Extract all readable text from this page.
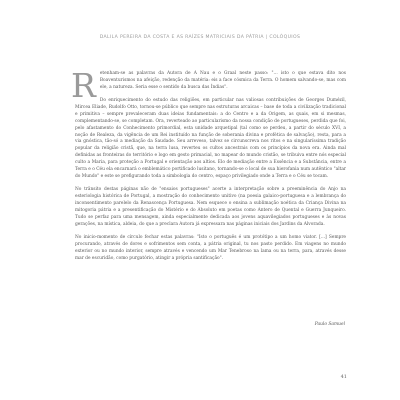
DALILA PEREIRA DA COSTA E AS RAÍZES MATRICIAIS DA PÁTRIA | COLÓQUIOS

Retenham-se as palavras da Autora de A Nau e o Graal neste passo: "... isto o que estava dito nos Boaventurismos na afeição, redenção da matéria: eis a face cósmica da Terra. O homem salvando-se, mas com ele, a natureza. Seria esse o sentido da busca das Índias".

Do enriquecimento do estudo das religiões, em particular nas valiosas contribuições de Georges Dumézil, Mircea Eliade, Rudolfo Otto, tornou-se público que sempre nas estruturas arcaicas – base de toda a civilização tradicional e primitiva – sempre prevaleceram duas ideias fundamentais: a do Centro e a da Origem, as quais, em si mesmas, complementando-se, se completam. Ora, reverteado ao particularismo da nossa condição de portugueses, perdida que foi, pelo afastamento do Conhecimento primordial, esta unidade arquetipal (tal como se perdeu, a partir do século XVI, a noção de Realeza, da vigência de um Rei instituído na função de soberania divina e profética de salvação), resta, para a via gnóstica, tão-só a mediação da Saudade. Seu arreveso, talvez se circunscreva nos ritos e na singularíssima tradição popular da religião cristã, que, na terra lusa, reverteu os cultos ancestrais com os princípios da nova era. Ainda mal definidas as fronteiras do território e logo em gesto primacial, no mapear do mundo cristão, se tribuiva entre nós especial culto a Maria, para proteção a Portugal e orientação aos altíos. Elo de mediação entre a Essência e a Substância, entre a Terra e o Céu ela encarnará o emblemático portificado lusitano, tornando-se o local de sua hierofania num autêntico "altar do Mundo" e este se prefigurando toda a simbologia do centro, espaço privilegiado onde a Terra e o Céu se tocam.

No trânsito destas páginas não de "ensaios portugueses" acerte a interpretação sobre a preeminência do Anjo na esteriologia histórica de Portugal, a mostração do conhecimento unitivo (na poesia galaico-portuguesa e a lembrança do inconsentimento parelelo da Renascença Portuguesa. Nem esquece o ensina a sublimação noética da Criança Divina na mitogoria pátria e a presentificação do Mistério e do Absoluto em poetas como Antero de Quental e Guerra Junqueiro. Tudo se perfaz para uma mensagem, ainda especialmente dedicada aos jovens aquavilegiados portugueses e às novas gerações, na mística, aldeia, do que a preclara Autora já expressara nas páginas iniciais dos Jardins da Alvorada.

No inicio-momento de círculo fechar estas palavras: "Isto o português é um protótipo a um homo viator. [...] Sempre procurando, através de dores e sofrimentos sem conta, a pátria original, tu nos pasto perdido. Em viagens no mundo exterior ou no mundo interior, sempre através e vencendo um Mar Tenebroso na lama ou na terra, para, através desse mar de escuridão, como purgatório, atingir a própria santificação".

Paulo Samuel
41
